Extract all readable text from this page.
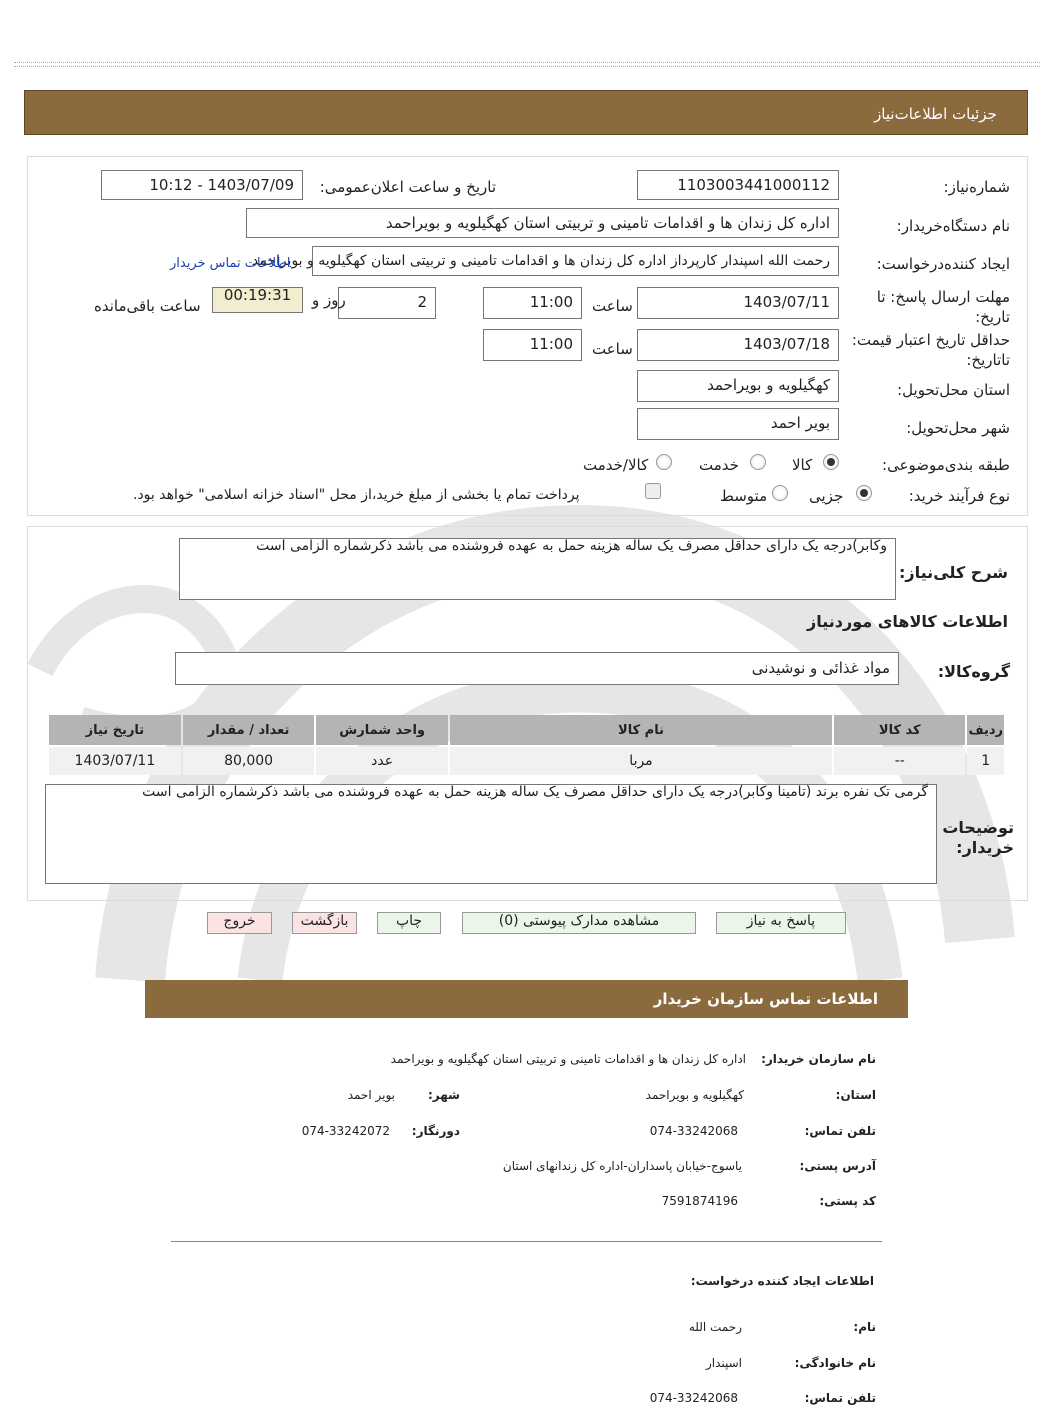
جزئیات اطلاعات‌نیاز
شماره‌نیاز:
1103003441000112
تاریخ و ساعت اعلان‌عمومی:
1403/07/09 - 10:12
نام دستگاه‌خریدار:
اداره کل زندان ها و اقدامات تامینی و تربیتی استان کهگیلویه و بویراحمد
ایجاد کننده‌درخواست:
رحمت الله اسپندار کارپرداز اداره کل زندان ها و اقدامات تامینی و تربیتی استان کهگیلویه و بویراحمد
اطلاعات تماس خریدار
مهلت ارسال پاسخ: تا تاریخ:
1403/07/11
ساعت
11:00
2
روز و
00:19:31
ساعت باقی‌مانده
حداقل تاریخ اعتبار قیمت: تاتاریخ:
1403/07/18
ساعت
11:00
استان محل‌تحویل:
کهگیلویه و بویراحمد
شهر محل‌تحویل:
بویر احمد
طبقه بندی‌موضوعی:
کالا
خدمت
کالا/خدمت
نوع فرآیند خرید:
جزیی
متوسط
پرداخت تمام یا بخشی از مبلغ خرید،از محل "اسناد خزانه اسلامی" خواهد بود.
شرح کلی‌نیاز:
وکابر)درجه یک دارای حداقل مصرف یک ساله هزینه حمل به عهده فروشنده می باشد ذکرشماره الزامی است
اطلاعات کالاهای موردنیاز
گروه‌کالا:
مواد غذائی و نوشیدنی
ردیف	کد کالا	نام کالا	واحد شمارش	تعداد / مقدار	تاریخ نیاز
1	--	مربا	عدد	80,000	1403/07/11
توضیحات خریدار:
گرمی تک نفره برند (تامینا وکابر)درجه یک دارای حداقل مصرف یک ساله هزینه حمل به عهده فروشنده می باشد ذکرشماره الزامی است
پاسخ به نیاز
مشاهده مدارک پیوستی (0)
چاپ
بازگشت
خروج
اطلاعات تماس سازمان خریدار
نام سازمان خریدار:
اداره کل زندان ها و اقدامات تامینی و تربیتی استان کهگیلویه و بویراحمد
استان:
کهگیلویه و بویراحمد
شهر:
بویر احمد
تلفن تماس:
074-33242068
دورنگار:
074-33242072
آدرس پستی:
یاسوج-خیابان پاسداران-اداره کل زندانهای استان
کد پستی:
7591874196
اطلاعات ایجاد کننده درخواست:
نام:
رحمت الله
نام خانوادگی:
اسپندار
تلفن تماس:
074-33242068
